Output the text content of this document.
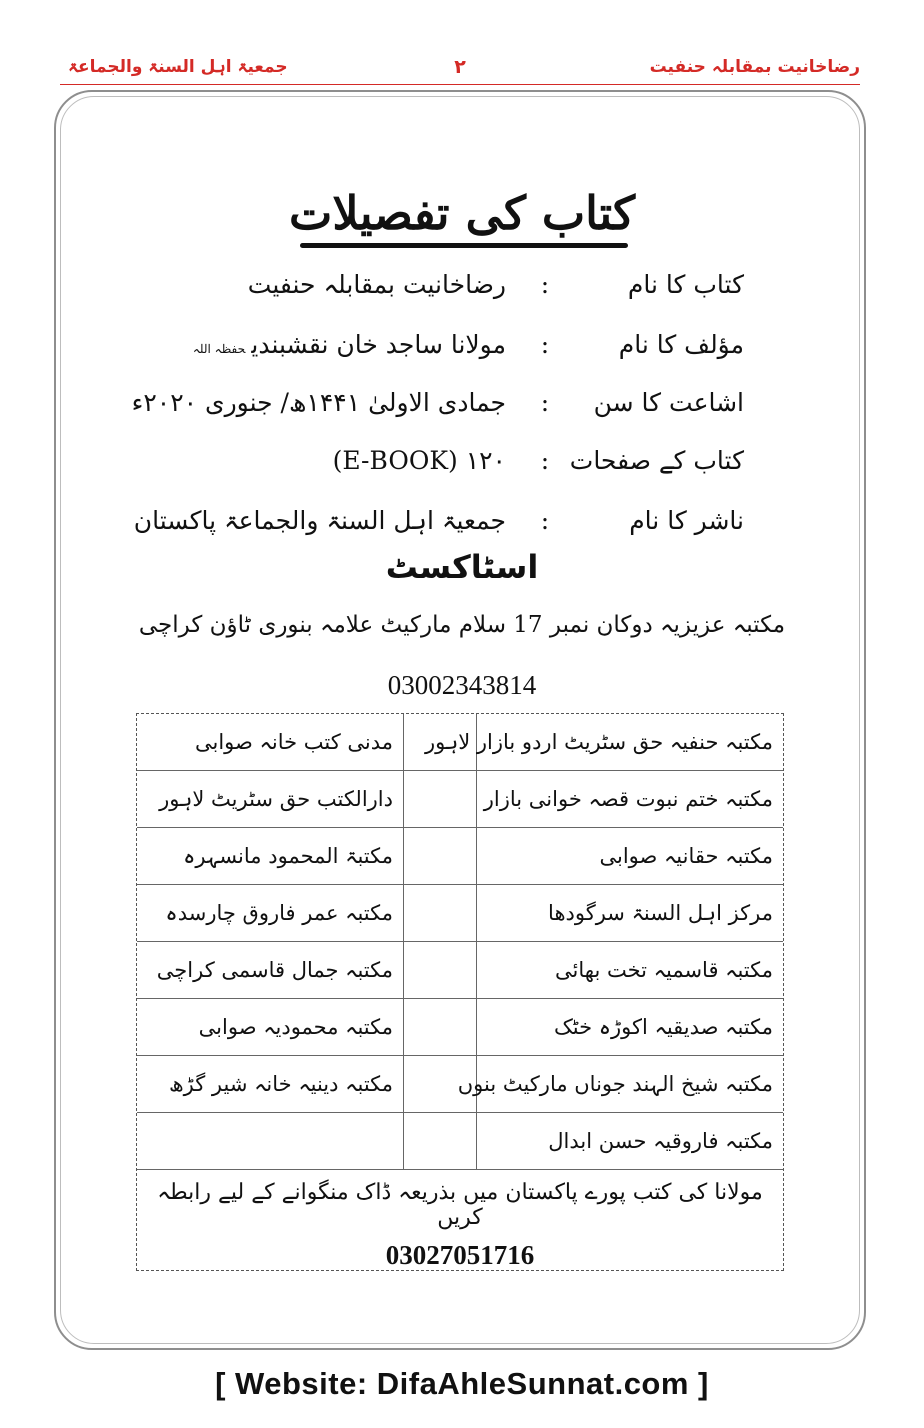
رضاخانیت بمقابلہ حنفیت
۲
جمعیۃ اہل السنۃ والجماعۃ
کتاب کی تفصیلات
کتاب کا نام
:
رضاخانیت بمقابلہ حنفیت
مؤلف کا نام
:
مولانا ساجد خان نقشبندیحفظہ اللہ
اشاعت کا سن
:
جمادی الاولیٰ ۱۴۴۱ھ/ جنوری ۲۰۲۰ء
کتاب کے صفحات
:
۱۲۰ (E-BOOK)
ناشر کا نام
:
جمعیۃ اہل السنۃ والجماعۃ پاکستان
اسٹاکسٹ
مکتبہ عزیزیہ دوکان نمبر 17 سلام مارکیٹ علامہ بنوری ٹاؤن کراچی
03002343814
مکتبہ حنفیہ حق سٹریٹ اردو بازار لاہور		مدنی کتب خانہ صوابی
مکتبہ ختم نبوت قصہ خوانی بازار		دارالکتب حق سٹریٹ لاہور
مکتبہ حقانیہ صوابی		مکتبۃ المحمود مانسہرہ
مرکز اہل السنۃ سرگودھا		مکتبہ عمر فاروق چارسدہ
مکتبہ قاسمیہ تخت بھائی		مکتبہ جمال قاسمی کراچی
مکتبہ صدیقیہ اکوڑہ خٹک		مکتبہ محمودیہ صوابی
مکتبہ شیخ الہند جوناں مارکیٹ بنوں		مکتبہ دینیہ خانہ شیر گڑھ
مکتبہ فاروقیہ حسن ابدال		
مولانا کی کتب پورے پاکستان میں بذریعہ ڈاک منگوانے کے لیے رابطہ کریں
03027051716
[ Website: DifaAhleSunnat.com ]
